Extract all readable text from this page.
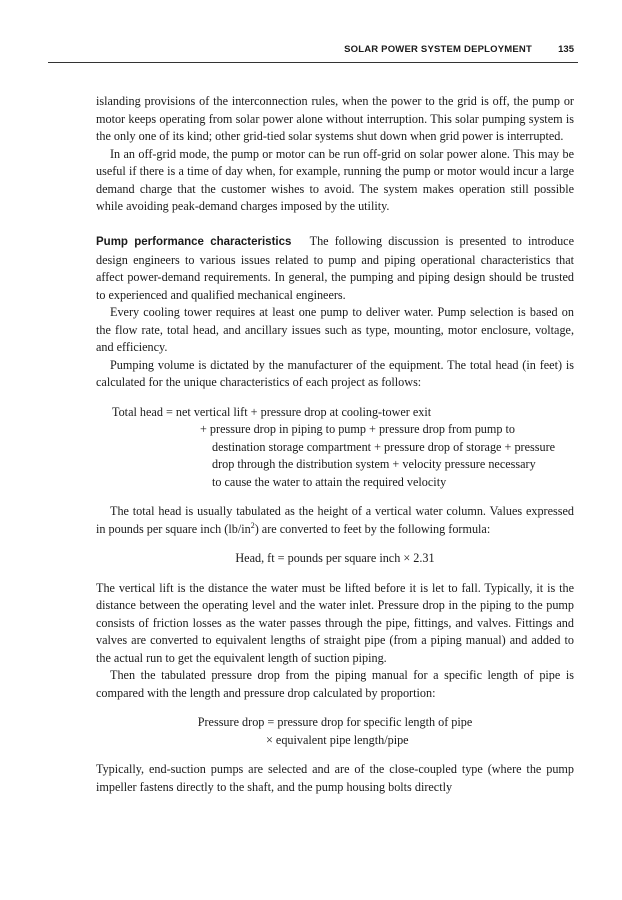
SOLAR POWER SYSTEM DEPLOYMENT	135

islanding provisions of the interconnection rules, when the power to the grid is off, the pump or motor keeps operating from solar power alone without interruption. This solar pumping system is the only one of its kind; other grid-tied solar systems shut down when grid power is interrupted.

In an off-grid mode, the pump or motor can be run off-grid on solar power alone. This may be useful if there is a time of day when, for example, running the pump or motor would incur a large demand charge that the customer wishes to avoid. The system makes operation still possible while avoiding peak-demand charges imposed by the utility.

Pump performance characteristics The following discussion is presented to introduce design engineers to various issues related to pump and piping operational characteristics that affect power-demand requirements. In general, the pumping and piping design should be trusted to experienced and qualified mechanical engineers.

Every cooling tower requires at least one pump to deliver water. Pump selection is based on the flow rate, total head, and ancillary issues such as type, mounting, motor enclosure, voltage, and efficiency.

Pumping volume is dictated by the manufacturer of the equipment. The total head (in feet) is calculated for the unique characteristics of each project as follows:

Total head = net vertical lift + pressure drop at cooling-tower exit
+ pressure drop in piping to pump + pressure drop from pump to
destination storage compartment + pressure drop of storage + pressure
drop through the distribution system + velocity pressure necessary
to cause the water to attain the required velocity

The total head is usually tabulated as the height of a vertical water column. Values expressed in pounds per square inch $(lb/in^2)$ are converted to feet by the following formula:

Head, ft = pounds per square inch × 2.31

The vertical lift is the distance the water must be lifted before it is let to fall. Typically, it is the distance between the operating level and the water inlet. Pressure drop in the piping to the pump consists of friction losses as the water passes through the pipe, fittings, and valves. Fittings and valves are converted to equivalent lengths of straight pipe (from a piping manual) and added to the actual run to get the equivalent length of suction piping.

Then the tabulated pressure drop from the piping manual for a specific length of pipe is compared with the length and pressure drop calculated by proportion:

Pressure drop = pressure drop for specific length of pipe
× equivalent pipe length/pipe

Typically, end-suction pumps are selected and are of the close-coupled type (where the pump impeller fastens directly to the shaft, and the pump housing bolts directly
